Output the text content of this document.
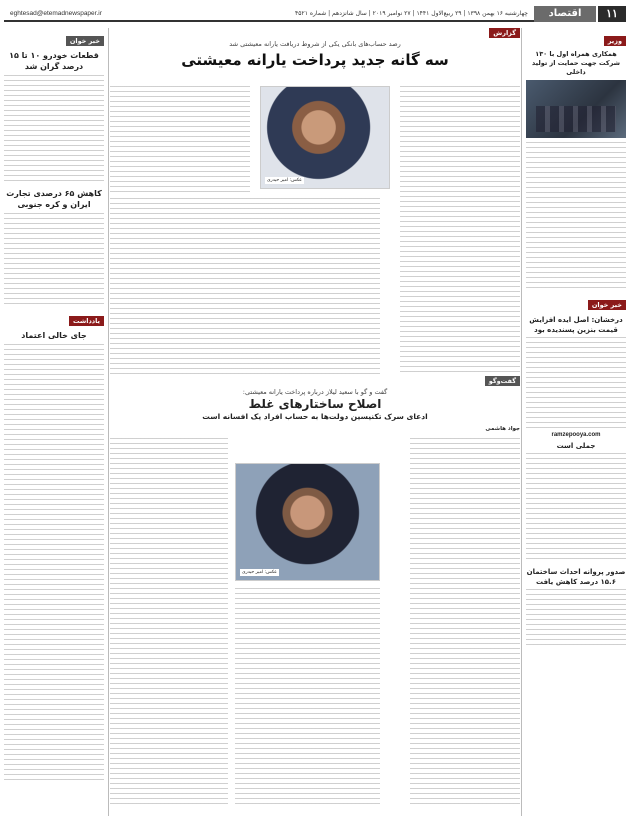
۱۱
اقتصاد
چهارشنبه ۱۶ بهمن ۱۳۹۸ | ۲۹ ربیع‌الاول ۱۴۴۱ | ۲۷ نوامبر ۲۰۱۹ | سال شانزدهم | شماره ۴۵۲۱
eghtesad@etemadnewspaper.ir
وزیر
همکاری همراه اول با ۱۳۰ شرکت جهت حمایت از تولید داخلی
خبر خوان
درخشان: اصل ایده افزایش قیمت بنزین پسندیده بود
ramzepooya.com
جملی است
صدور پروانه احداث ساختمان ۱۵.۶ درصد کاهش یافت
خبر خوان
قطعات خودرو ۱۰ تا ۱۵ درصد گران شد
کاهش ۶۵ درصدی تجارت ایران و کره جنوبی
یادداشت
جای خالی اعتماد
گزارش
رصد حساب‌های بانکی یکی از شروط دریافت یارانه معیشتی شد
سه گانه جدید پرداخت یارانه معیشتی
عکس: امیر حیدری
گفت‌وگو
گفت و گو با سعید لیلاز درباره پرداخت یارانه معیشتی:
اصلاح ساختارهای غلط
ادعای سرک تکنیسین دولت‌ها به حساب افراد یک افسانه است
جواد هاشمی
عکس: امیر حیدری
